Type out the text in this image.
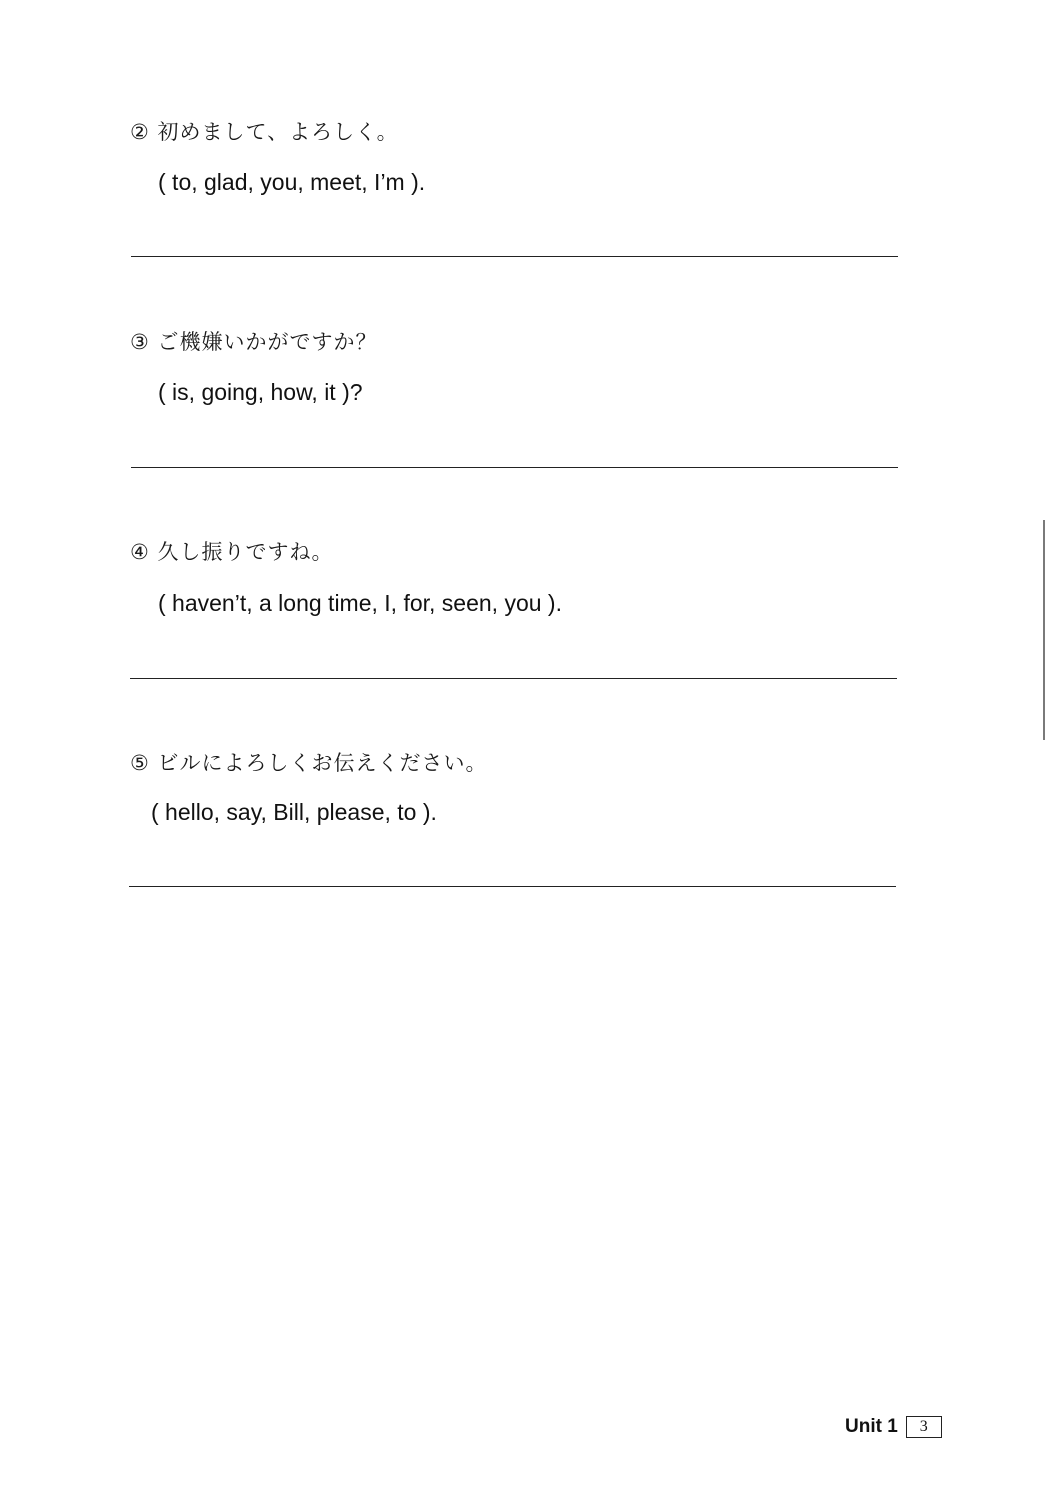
② 初めまして、よろしく。
( to, glad, you, meet, I’m ).
③ ご機嫌いかがですか？
( is, going, how, it )?
④ 久し振りですね。
( haven’t, a long time, I, for, seen, you ).
⑤ ビルによろしくお伝えください。
( hello, say, Bill, please, to ).
Unit 1	3
